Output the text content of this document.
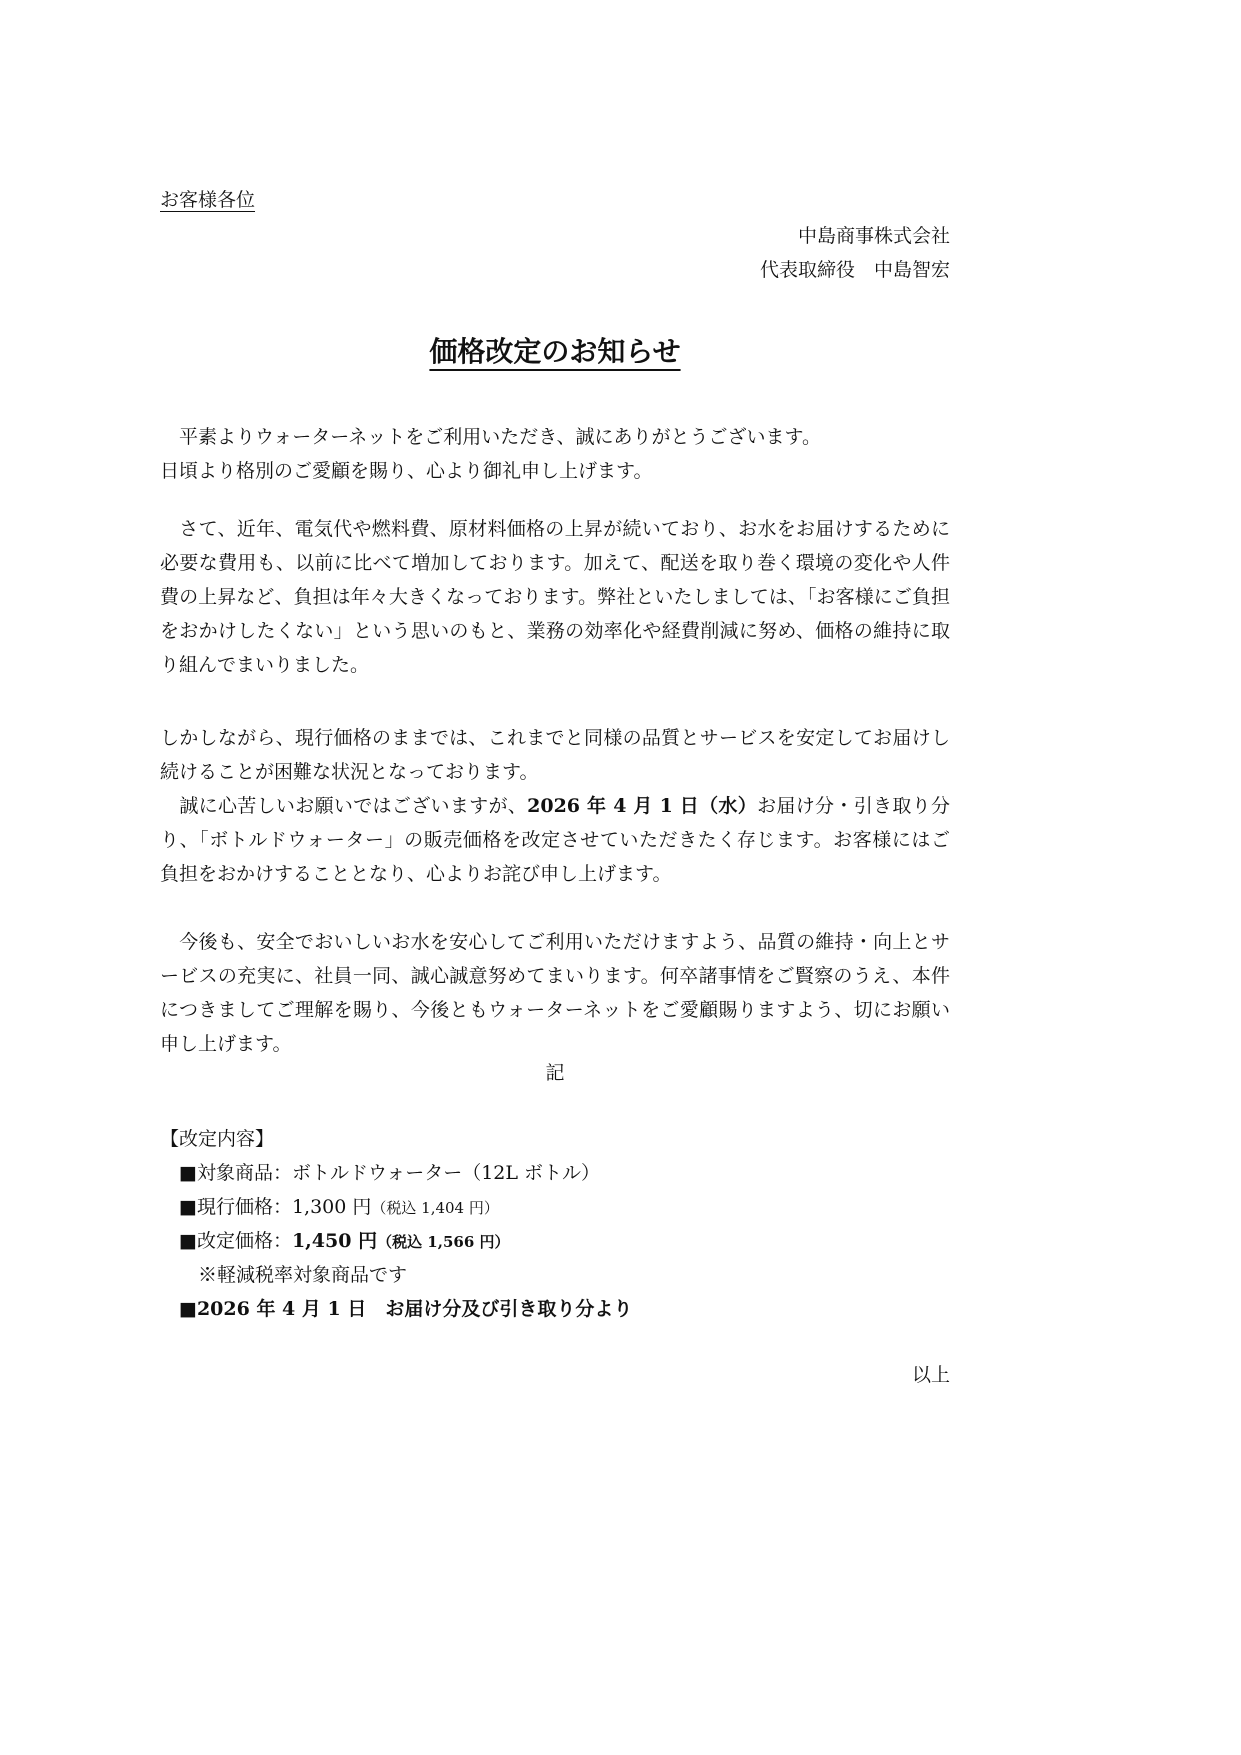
お客様各位
中島商事株式会社
代表取締役　中島智宏
価格改定のお知らせ
　平素よりウォーターネットをご利用いただき、誠にありがとうございます。
日頃より格別のご愛顧を賜り、心より御礼申し上げます。
　さて、近年、電気代や燃料費、原材料価格の上昇が続いており、お水をお届けするために
必要な費用も、以前に比べて増加しております。加えて、配送を取り巻く環境の変化や人件
費の上昇など、負担は年々大きくなっております。弊社といたしましては、「お客様にご負担
をおかけしたくない」という思いのもと、業務の効率化や経費削減に努め、価格の維持に取
り組んでまいりました。
しかしながら、現行価格のままでは、これまでと同様の品質とサービスを安定してお届けし
続けることが困難な状況となっております。
　誠に心苦しいお願いではございますが、2026 年 4 月 1 日（水）お届け分・引き取り分
り、「ボトルドウォーター」の販売価格を改定させていただきたく存じます。お客様にはご
負担をおかけすることとなり、心よりお詫び申し上げます。
　今後も、安全でおいしいお水を安心してご利用いただけますよう、品質の維持・向上とサ
ービスの充実に、社員一同、誠心誠意努めてまいります。何卒諸事情をご賢察のうえ、本件
につきましてご理解を賜り、今後ともウォーターネットをご愛顧賜りますよう、切にお願い
申し上げます。
記
【改定内容】
■対象商品：ボトルドウォーター（12L ボトル）
■現行価格：1,300 円（税込 1,404 円）
■改定価格：1,450 円（税込 1,566 円）
※軽減税率対象商品です
■2026 年 4 月 1 日　お届け分及び引き取り分より
以上
